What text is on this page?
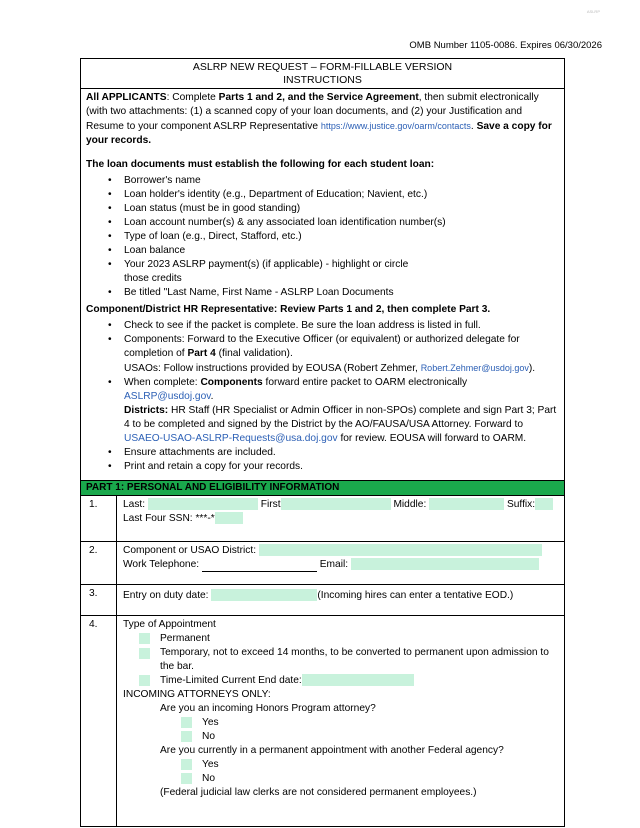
ASLRP
OMB Number 1105-0086. Expires 06/30/2026
ASLRP NEW REQUEST – FORM-FILLABLE VERSION
INSTRUCTIONS

All APPLICANTS: Complete Parts 1 and 2, and the Service Agreement, then submit electronically (with two attachments: (1) a scanned copy of your loan documents, and (2) your Justification and Resume to your component ASLRP Representative https://www.justice.gov/oarm/contacts. Save a copy for your records.

The loan documents must establish the following for each student loan:

• Borrower's name
• Loan holder's identity (e.g., Department of Education; Navient, etc.)
• Loan status (must be in good standing)
• Loan account number(s) & any associated loan identification number(s)
• Type of loan (e.g., Direct, Stafford, etc.)
• Loan balance
• Your 2023 ASLRP payment(s) (if applicable) - highlight or circle those credits
• Be titled "Last Name, First Name - ASLRP Loan Documents

Component/District HR Representative: Review Parts 1 and 2, then complete Part 3.

• Check to see if the packet is complete. Be sure the loan address is listed in full.
• Components: Forward to the Executive Officer (or equivalent) or authorized delegate for completion of Part 4 (final validation).
USAOs: Follow instructions provided by EOUSA (Robert Zehmer, Robert.Zehmer@usdoj.gov).
• When complete: Components forward entire packet to OARM electronically
ASLRP@usdoj.gov.
Districts: HR Staff (HR Specialist or Admin Officer in non-SPOs) complete and sign Part 3; Part 4 to be completed and signed by the District by the AO/FAUSA/USA Attorney. Forward to USAEO-USAO-ASLRP-Requests@usa.doj.gov for review. EOUSA will forward to OARM.
• Ensure attachments are included.
• Print and retain a copy for your records.
PART 1: PERSONAL AND ELIGIBILITY INFORMATION
1.	Last:	First	Middle:	Suffix:
Last Four SSN: ***-*
2.	Component or USAO District:
Work Telephone:	Email:
3.	Entry on duty date:	(Incoming hires can enter a tentative EOD.)
4.	Type of Appointment
Permanent
Temporary, not to exceed 14 months, to be converted to permanent upon admission to the bar.
Time-Limited Current End date:
INCOMING ATTORNEYS ONLY:
Are you an incoming Honors Program attorney?
Yes
No
Are you currently in a permanent appointment with another Federal agency?
Yes
No
(Federal judicial law clerks are not considered permanent employees.)
